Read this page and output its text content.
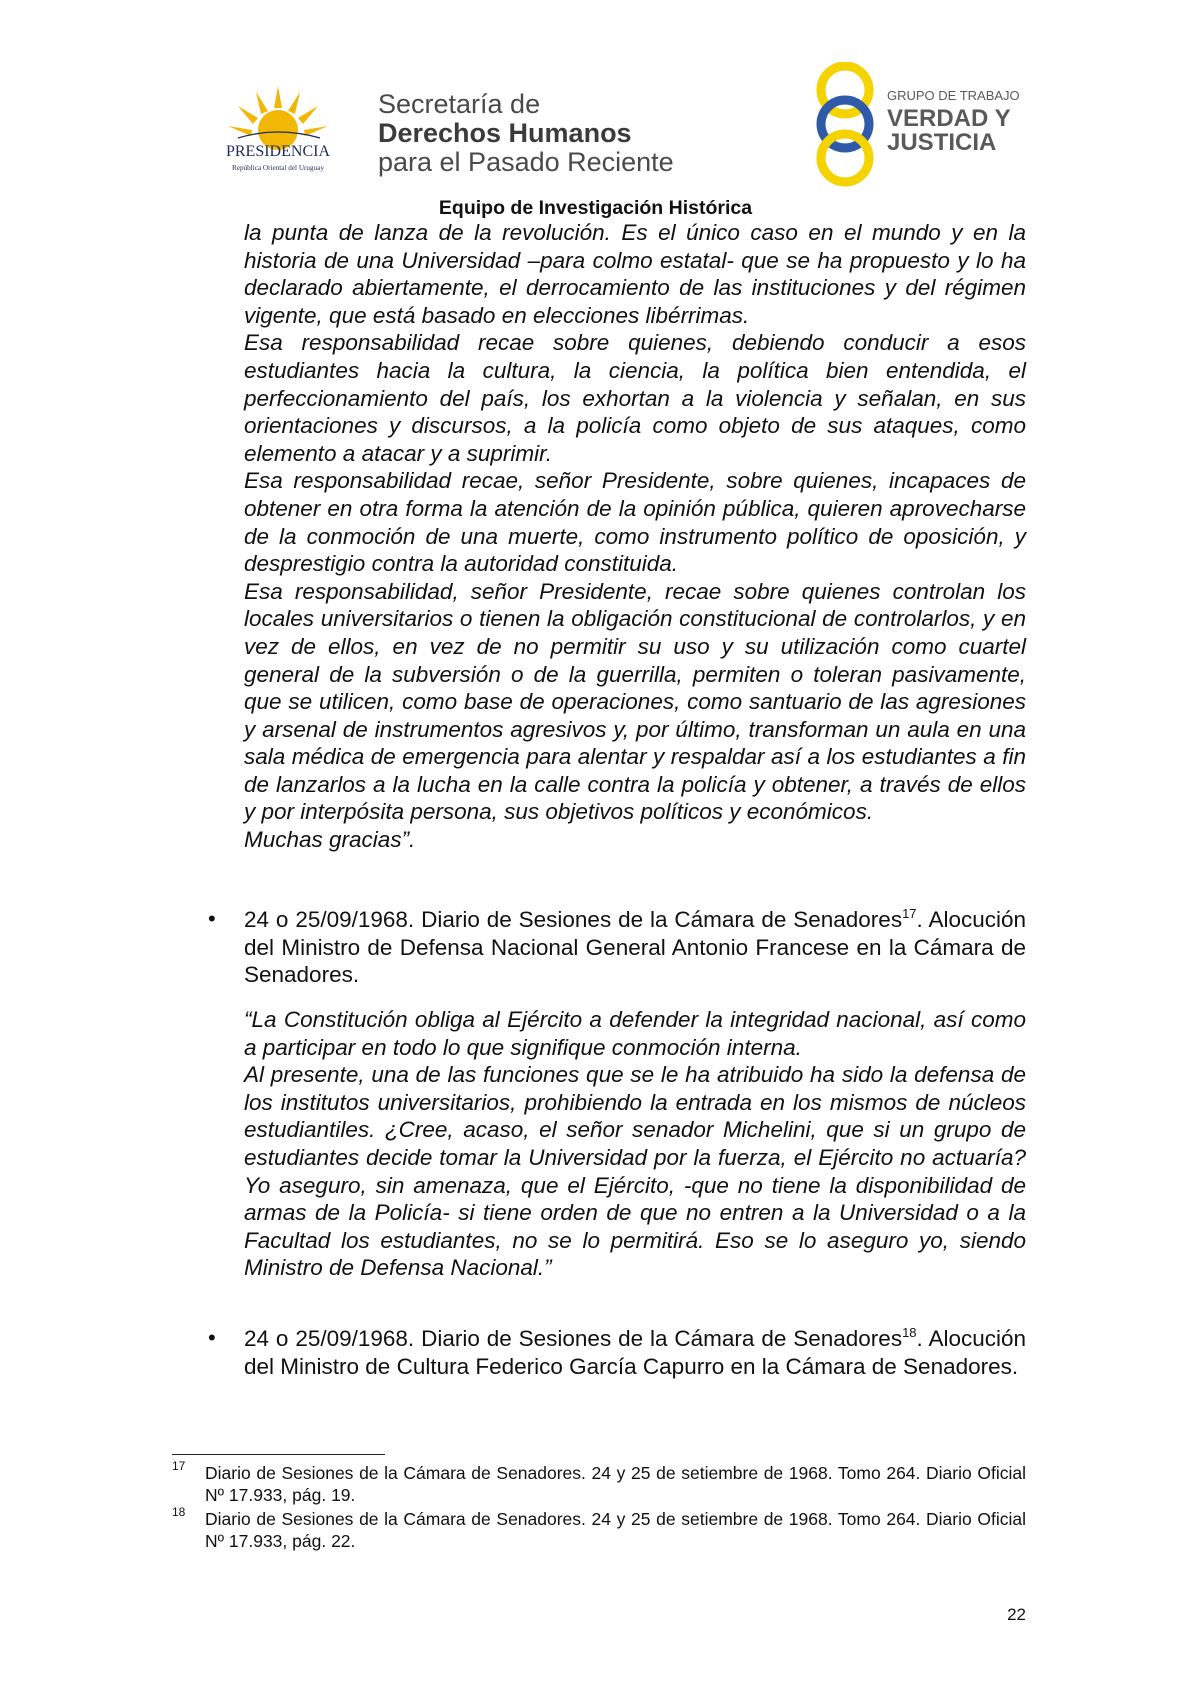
PRESIDENCIA
República Oriental del Uruguay
Secretaría de
Derechos Humanos
para el Pasado Reciente
GRUPO DE TRABAJO
VERDAD Y
JUSTICIA
Equipo de Investigación Histórica

la punta de lanza de la revolución. Es el único caso en el mundo y en la historia de una Universidad –para colmo estatal- que se ha propuesto y lo ha declarado abiertamente, el derrocamiento de las instituciones y del régimen vigente, que está basado en elecciones libérrimas.

Esa responsabilidad recae sobre quienes, debiendo conducir a esos estudiantes hacia la cultura, la ciencia, la política bien entendida, el perfeccionamiento del país, los exhortan a la violencia y señalan, en sus orientaciones y discursos, a la policía como objeto de sus ataques, como elemento a atacar y a suprimir.

Esa responsabilidad recae, señor Presidente, sobre quienes, incapaces de obtener en otra forma la atención de la opinión pública, quieren aprovecharse de la conmoción de una muerte, como instrumento político de oposición, y desprestigio contra la autoridad constituida.

Esa responsabilidad, señor Presidente, recae sobre quienes controlan los locales universitarios o tienen la obligación constitucional de controlarlos, y en vez de ellos, en vez de no permitir su uso y su utilización como cuartel general de la subversión o de la guerrilla, permiten o toleran pasivamente, que se utilicen, como base de operaciones, como santuario de las agresiones y arsenal de instrumentos agresivos y, por último, transforman un aula en una sala médica de emergencia para alentar y respaldar así a los estudiantes a fin de lanzarlos a la lucha en la calle contra la policía y obtener, a través de ellos y por interpósita persona, sus objetivos políticos y económicos.

Muchas gracias”.

• 24 o 25/09/1968. Diario de Sesiones de la Cámara de Senadores$^{17}$. Alocución del Ministro de Defensa Nacional General Antonio Francese en la Cámara de Senadores.

“La Constitución obliga al Ejército a defender la integridad nacional, así como a participar en todo lo que signifique conmoción interna.

Al presente, una de las funciones que se le ha atribuido ha sido la defensa de los institutos universitarios, prohibiendo la entrada en los mismos de núcleos estudiantiles. ¿Cree, acaso, el señor senador Michelini, que si un grupo de estudiantes decide tomar la Universidad por la fuerza, el Ejército no actuaría? Yo aseguro, sin amenaza, que el Ejército, -que no tiene la disponibilidad de armas de la Policía- si tiene orden de que no entren a la Universidad o a la Facultad los estudiantes, no se lo permitirá. Eso se lo aseguro yo, siendo Ministro de Defensa Nacional.”

• 24 o 25/09/1968. Diario de Sesiones de la Cámara de Senadores$^{18}$. Alocución del Ministro de Cultura Federico García Capurro en la Cámara de Senadores.
17 Diario de Sesiones de la Cámara de Senadores. 24 y 25 de setiembre de 1968. Tomo 264. Diario Oficial Nº 17.933, pág. 19.
18 Diario de Sesiones de la Cámara de Senadores. 24 y 25 de setiembre de 1968. Tomo 264. Diario Oficial Nº 17.933, pág. 22.
22
